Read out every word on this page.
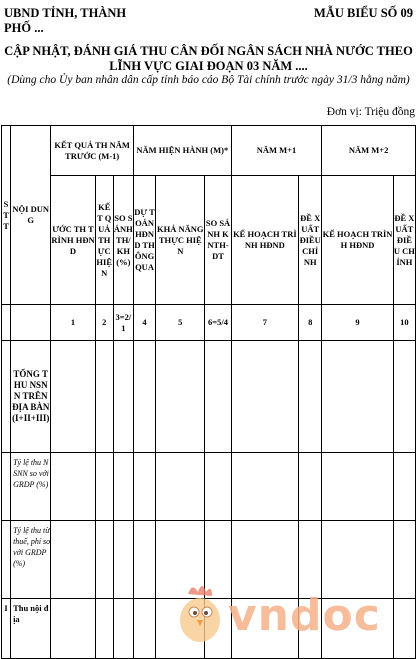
UBND TỈNH, THÀNH
PHỐ ...
MẪU BIỂU SỐ 09
CẬP NHẬT, ĐÁNH GIÁ THU CÂN ĐỐI NGÂN SÁCH NHÀ NƯỚC THEO
LĨNH VỰC GIAI ĐOẠN 03 NĂM ....
(Dùng cho Ủy ban nhân dân cấp tỉnh báo cáo Bộ Tài chính trước ngày 31/3 hằng năm)
Đơn vị: Triệu đồng
STT	NỘI DUNG	KẾT QUẢ TH NĂM TRƯỚC (M-1)			NĂM HIỆN HÀNH (M)*			NĂM M+1		NĂM M+2	
		ƯỚC TH TRÌNH HĐND	KẾT QUẢ THỰC HIỆN	SO SÁNH TH/KH (%)	DỰ TOÁN HĐND THÔNG QUA	KHẢ NĂNG THỰC HIỆN	SO SÁNH KNTH-DT	KẾ HOẠCH TRÌNH HĐND	ĐỀ XUẤT ĐIỀU CHỈNH	KẾ HOẠCH TRÌNH HĐND	ĐỀ XUẤT ĐIỀU CHỈNH
		1	2	3=2/1	4	5	6=5/4	7	8	9	10
	TỔNG THU NSNN TRÊN ĐỊA BÀN (I+II+III)										
	Tỷ lệ thu NSNN so với GRDP (%)										
	Tỷ lệ thu từ thuế, phí so với GRDP(%)										
I	Thu nội địa											vndoc
